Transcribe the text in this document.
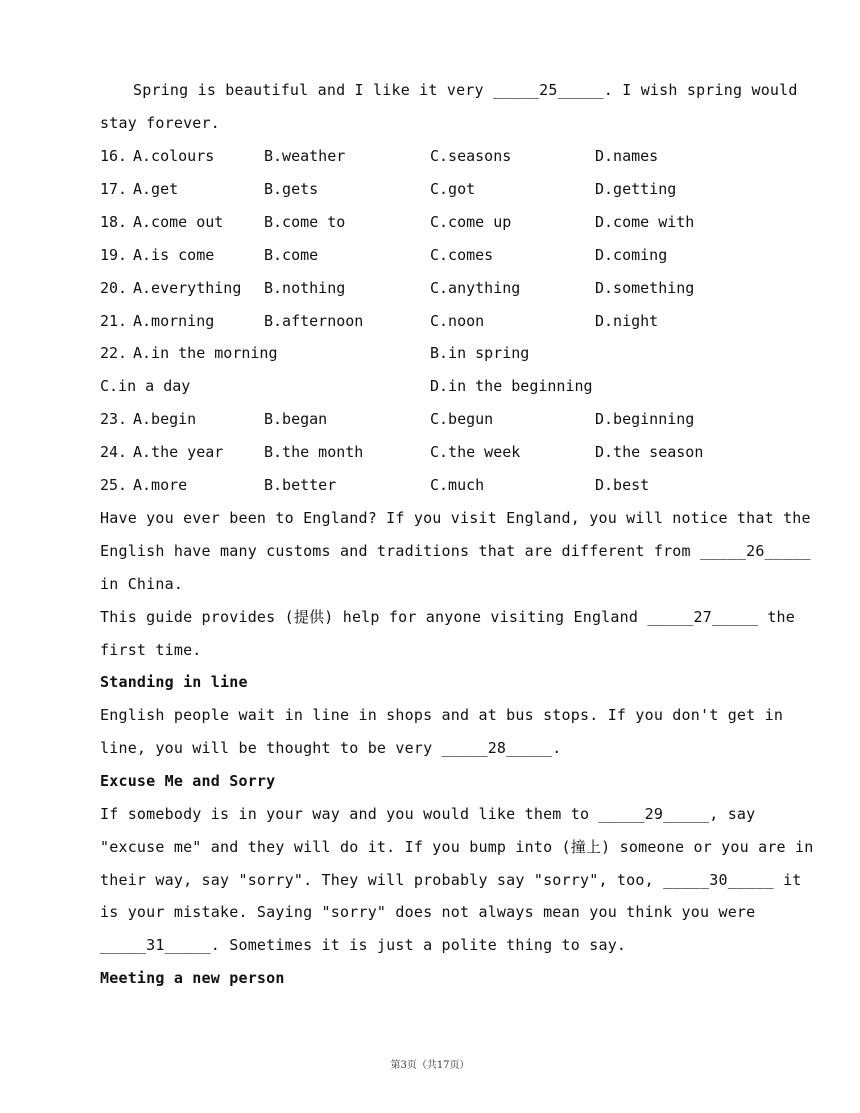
Spring is beautiful and I like it very _____25_____. I wish spring would
stay forever.
16. A.colours	B.weather	C.seasons	D.names
17. A.get	B.gets	C.got	D.getting
18. A.come out	B.come to	C.come up	D.come with
19. A.is come	B.come	C.comes	D.coming
20. A.everything B.nothing	C.anything	D.something
21. A.morning	B.afternoon	C.noon	D.night
22. A.in the morning	B.in spring
C.in a day	D.in the beginning
23. A.begin	B.began	C.begun	D.beginning
24. A.the year	B.the month	C.the week	D.the season
25. A.more	B.better	C.much	D.best
Have you ever been to England? If you visit England, you will notice that the
English have many customs and traditions that are different from _____26_____
in China.
This guide provides (提供) help for anyone visiting England _____27_____ the
first time.
Standing in line
English people wait in line in shops and at bus stops. If you don't get in
line, you will be thought to be very _____28_____.
Excuse Me and Sorry
If somebody is in your way and you would like them to _____29_____, say
"excuse me" and they will do it. If you bump into (撞上) someone or you are in
their way, say "sorry". They will probably say "sorry", too, _____30_____ it
is your mistake. Saying "sorry" does not always mean you think you were
_____31_____. Sometimes it is just a polite thing to say.
Meeting a new person
第3页（共17页）
